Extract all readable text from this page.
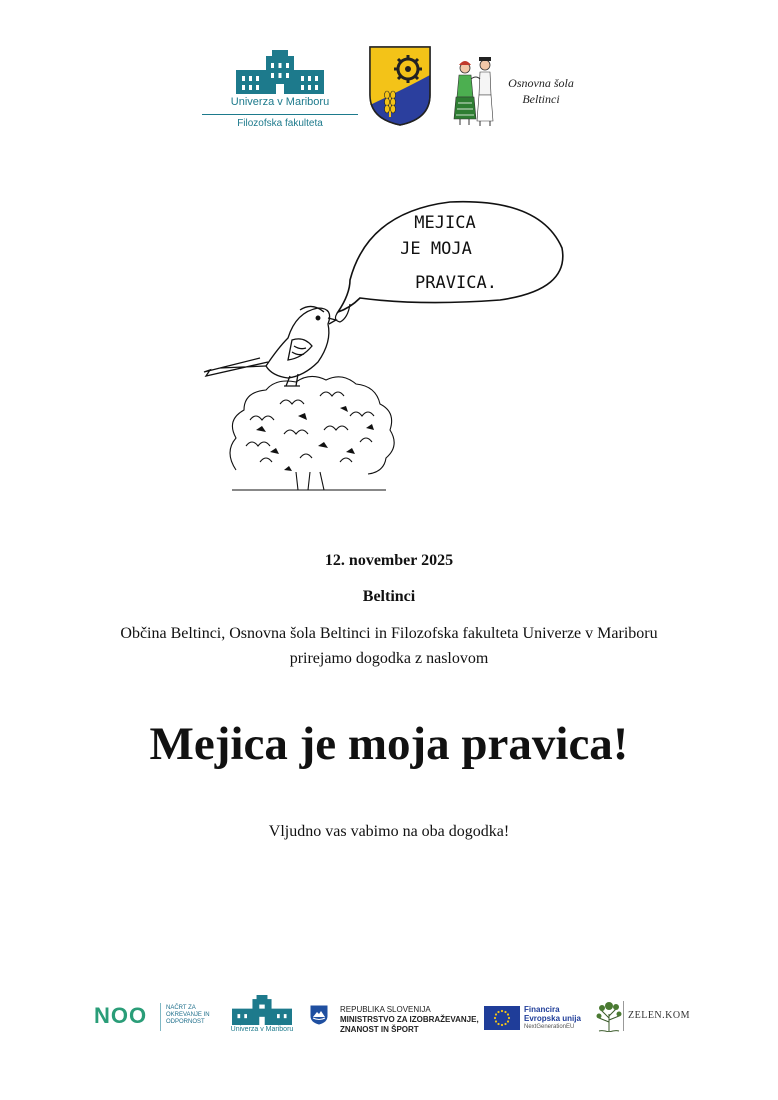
Univerza v Mariboru
Filozofska fakulteta
Osnovna šola
Beltinci
MEJICA
JE MOJA
PRAVICA.
12. november 2025
Beltinci
Občina Beltinci, Osnovna šola Beltinci in Filozofska fakulteta Univerze v Mariboru prirejamo dogodka z naslovom
Mejica je moja pravica!
Vljudno vas vabimo na oba dogodka!
NOO	NAČRT ZA OKREVANJE IN ODPORNOST
Univerza v Mariboru
REPUBLIKA SLOVENIJA
MINISTRSTVO ZA IZOBRAŽEVANJE,
ZNANOST IN ŠPORT
Financira
Evropska unija
NextGenerationEU
ZELEN.KOM
